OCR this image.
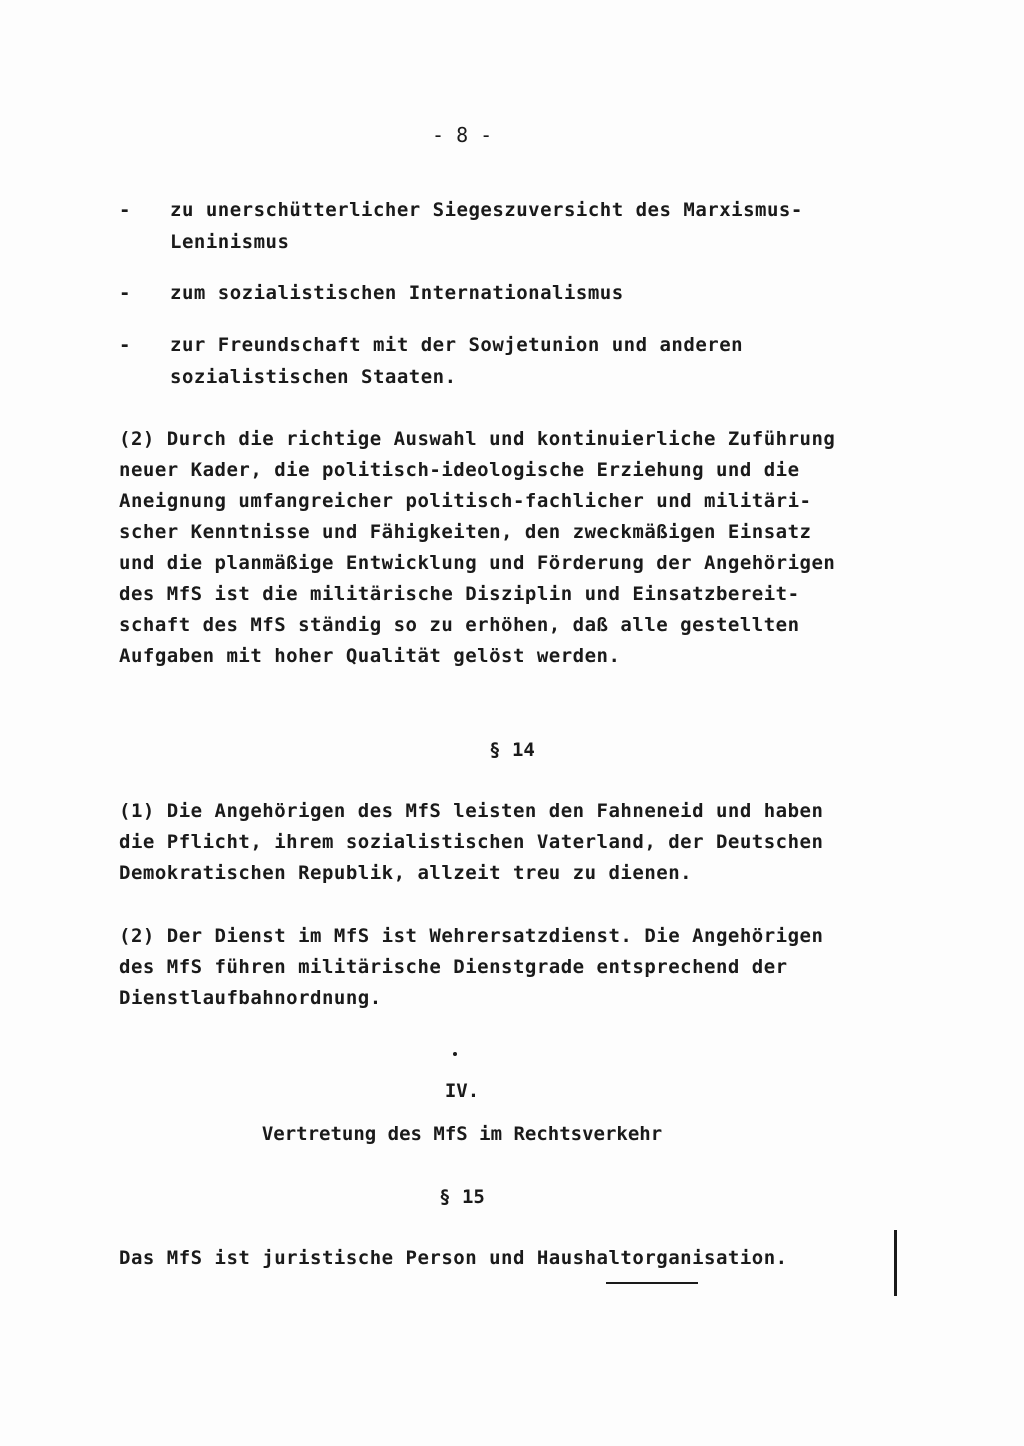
- 8 -
- zu unerschütterlicher Siegeszuversicht des Marxismus-
Leninismus
- zum sozialistischen Internationalismus
- zur Freundschaft mit der Sowjetunion und anderen
sozialistischen Staaten.
(2) Durch die richtige Auswahl und kontinuierliche Zuführung
neuer Kader, die politisch-ideologische Erziehung und die
Aneignung umfangreicher politisch-fachlicher und militäri-
scher Kenntnisse und Fähigkeiten, den zweckmäßigen Einsatz
und die planmäßige Entwicklung und Förderung der Angehörigen
des MfS ist die militärische Disziplin und Einsatzbereit-
schaft des MfS ständig so zu erhöhen, daß alle gestellten
Aufgaben mit hoher Qualität gelöst werden.
§ 14
(1) Die Angehörigen des MfS leisten den Fahneneid und haben
die Pflicht, ihrem sozialistischen Vaterland, der Deutschen
Demokratischen Republik, allzeit treu zu dienen.
(2) Der Dienst im MfS ist Wehrersatzdienst. Die Angehörigen
des MfS führen militärische Dienstgrade entsprechend der
Dienstlaufbahnordnung.
IV.
Vertretung des MfS im Rechtsverkehr
§ 15
Das MfS ist juristische Person und Haushaltorganisation.
